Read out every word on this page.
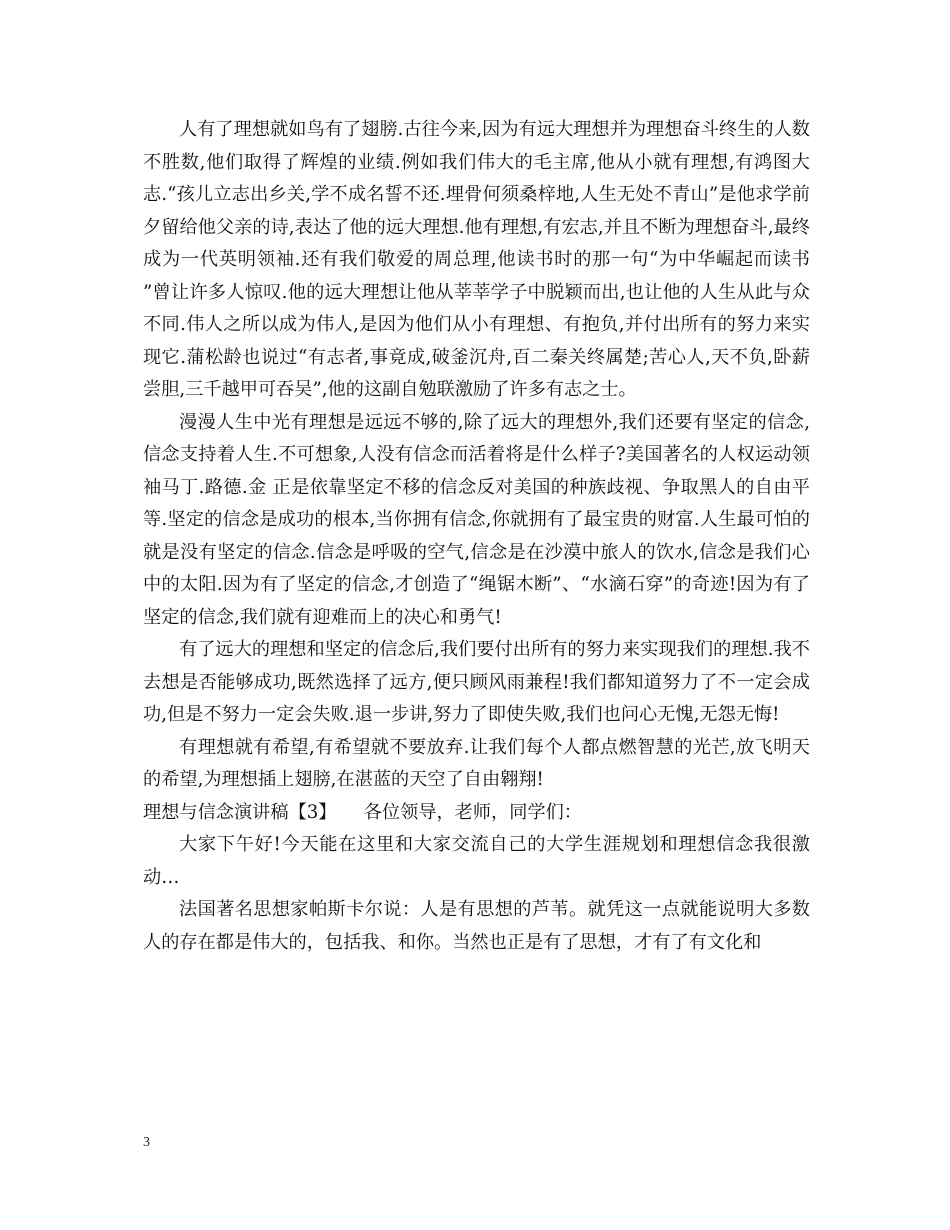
人有了理想就如鸟有了翅膀.古往今来,因为有远大理想并为理想奋斗终生的人数不胜数,他们取得了辉煌的业绩.例如我们伟大的毛主席,他从小就有理想,有鸿图大志.“孩儿立志出乡关,学不成名誓不还.埋骨何须桑梓地,人生无处不青山”是他求学前夕留给他父亲的诗,表达了他的远大理想.他有理想,有宏志,并且不断为理想奋斗,最终成为一代英明领袖.还有我们敬爱的周总理,他读书时的那一句“为中华崛起而读书 ”曾让许多人惊叹.他的远大理想让他从莘莘学子中脱颖而出,也让他的人生从此与众不同.伟人之所以成为伟人,是因为他们从小有理想、有抱负,并付出所有的努力来实现它.蒲松龄也说过“有志者,事竟成,破釜沉舟,百二秦关终属楚;苦心人,天不负,卧薪尝胆,三千越甲可吞吴”,他的这副自勉联激励了许多有志之士。

漫漫人生中光有理想是远远不够的,除了远大的理想外,我们还要有坚定的信念,信念支持着人生.不可想象,人没有信念而活着将是什么样子?美国著名的人权运动领袖马丁.路德.金 正是依靠坚定不移的信念反对美国的种族歧视、争取黑人的自由平等.坚定的信念是成功的根本,当你拥有信念,你就拥有了最宝贵的财富.人生最可怕的就是没有坚定的信念.信念是呼吸的空气,信念是在沙漠中旅人的饮水,信念是我们心中的太阳.因为有了坚定的信念,才创造了“绳锯木断”、“水滴石穿”的奇迹!因为有了坚定的信念,我们就有迎难而上的决心和勇气!

有了远大的理想和坚定的信念后,我们要付出所有的努力来实现我们的理想.我不去想是否能够成功,既然选择了远方,便只顾风雨兼程!我们都知道努力了不一定会成功,但是不努力一定会失败.退一步讲,努力了即使失败,我们也问心无愧,无怨无悔!

有理想就有希望,有希望就不要放弃.让我们每个人都点燃智慧的光芒,放飞明天的希望,为理想插上翅膀,在湛蓝的天空了自由翱翔!

理想与信念演讲稿【3】　　各位领导，老师，同学们：

大家下午好!今天能在这里和大家交流自己的大学生涯规划和理想信念我很激动…

法国著名思想家帕斯卡尔说：人是有思想的芦苇。就凭这一点就能说明大多数人的存在都是伟大的，包括我、和你。当然也正是有了思想，才有了有文化和

3
